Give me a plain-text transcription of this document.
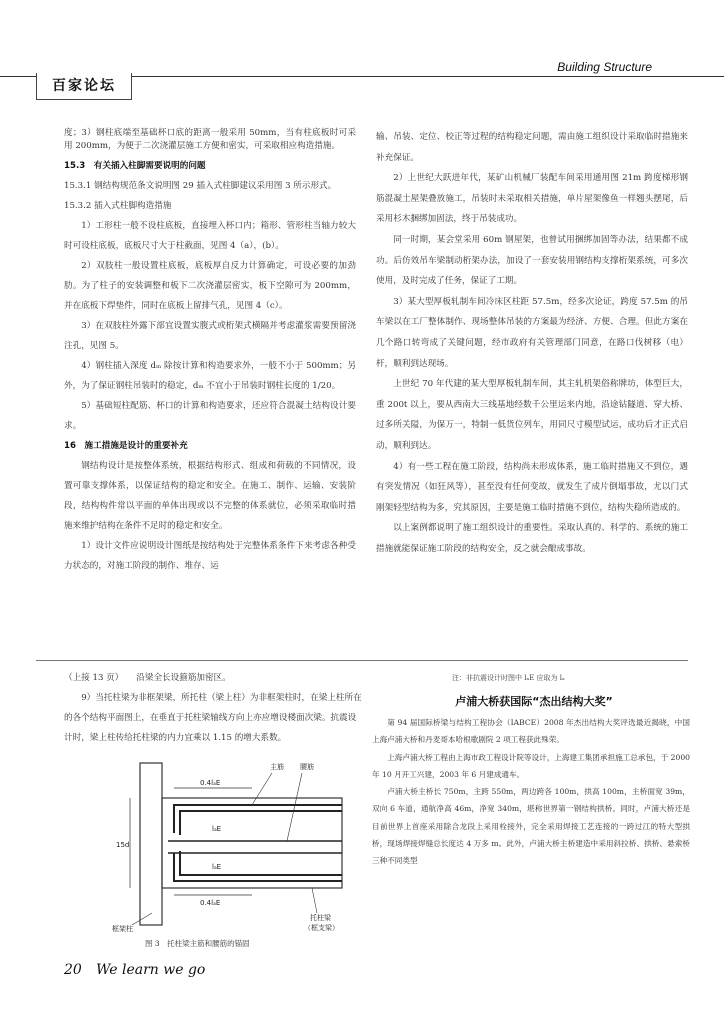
Building Structure
百家论坛

度；3）钢柱底端至基础杯口底的距离一般采用 50mm，当有柱底板时可采用 200mm，为便于二次浇灌层施工方便和密实，可采取相应构造措施。

15.3　有关插入柱脚需要说明的问题

15.3.1 钢结构规范条文说明图 29 插入式柱脚建议采用图 3 所示形式。

15.3.2 插入式柱脚构造措施

1）工形柱一般不设柱底板，直接埋入杯口内；箱形、管形柱当轴力较大时可设柱底板，底板尺寸大于柱截面，见图 4（a），(b）。

2）双肢柱一般设置柱底板，底板厚自反力计算确定，可设必要的加劲肋。为了柱子的安装调整和板下二次浇灌层密实，板下空隙可为 200mm，并在底板下焊垫件，同时在底板上留排气孔，见图 4（c）。

3）在双肢柱外露下部宜设置实腹式或桁架式横隔并考虑灌浆需要预留浇注孔，见图 5。

4）钢柱插入深度 dₘ 除按计算和构造要求外，一般不小于 500mm；另外，为了保证钢柱吊装时的稳定，dₘ 不宜小于吊装时钢柱长度的 1/20。

5）基础短柱配筋、杯口的计算和构造要求，还应符合混凝土结构设计要求。

16　施工措施是设计的重要补充

钢结构设计是按整体系统，根据结构形式、组成和荷载的不同情况，设置可靠支撑体系，以保证结构的稳定和安全。在施工、制作、运输、安装阶段，结构构件常以平面的单体出现或以不完整的体系就位，必须采取临时措施来维护结构在条件不足时的稳定和安全。

1）设计文件应说明设计图纸是按结构处于完整体系条件下来考虑各种受力状态的，对施工阶段的制作、堆存、运

输、吊装、定位、校正等过程的结构稳定问题，需由施工组织设计采取临时措施来补充保证。

2）上世纪大跃进年代，某矿山机械厂装配车间采用通用图 21m 跨度梯形钢筋混凝土屋架叠放施工，吊装时未采取相关措施，单片屋架像鱼一样翘头摆尾，后采用杉木捆绑加固法，终于吊装成功。

同一时期，某会堂采用 60m 钢屋架，也曾试用捆绑加固等办法，结果都不成功。后仿效吊车梁制动桁架办法，加设了一套安装用钢结构支撑桁架系统，可多次使用，及时完成了任务，保证了工期。

3）某大型厚板轧制车间冷床区柱距 57.5m，经多次论证，跨度 57.5m 的吊车梁以在工厂整体制作、现场整体吊装的方案最为经济、方便、合理。但此方案在几个路口转弯成了关键问题，经市政府有关管理部门同意，在路口伐树移（电）杆，顺利到达现场。

上世纪 70 年代建的某大型厚板轧制车间，其主轧机架俗称牌坊，体型巨大，重 200t 以上，要从西南大三线基地经数千公里运来内地，沿途钻隧道、穿大桥、过多所关隘，为保万一，特制一低货位列车，用同尺寸模型试运，成功后才正式启动，顺利到达。

4）有一些工程在施工阶段，结构尚未形成体系，施工临时措施又不到位，遇有突发情况（如狂风等），甚至没有任何变故，就发生了成片倒塌事故，尤以门式刚架轻型结构为多，究其原因，主要是施工临时措施不到位，结构失稳所造成的。

以上案例都说明了施工组织设计的重要性。采取认真的、科学的、系统的施工措施就能保证施工阶段的结构安全，反之就会酿成事故。

（上接 13 页）　　沿梁全长设箍筋加密区。

9）当托柱梁为非框架梁，所托柱（梁上柱）为非框架柱时，在梁上柱所在的各个结构平面图上，在垂直于托柱梁轴线方向上亦应增设楼面次梁。抗震设计时，梁上柱传给托柱梁的内力宜乘以 1.15 的增大系数。

0.4lₐE
lₐE
0.4lₐE
lₐE
15d
主筋 腰筋
框架柱
托柱梁
（框支梁）
图 3　托柱梁主筋和腰筋的锚固
注：非抗震设计时图中 lₐE 应取为 lₐ
卢浦大桥获国际“杰出结构大奖”

第 94 届国际桥梁与结构工程协会（IABCE）2008 年杰出结构大奖评选最近揭晓，中国上海卢浦大桥和丹麦哥本哈根歌剧院 2 项工程获此殊荣。

上海卢浦大桥工程由上海市政工程设计院等设计，上海建工集团承担施工总承包，于 2000 年 10 月开工兴建，2003 年 6 月建成通车。

卢浦大桥主桥长 750m，主跨 550m，两边跨各 100m，拱高 100m，主桥面宽 39m，双向 6 车道，通航净高 46m，净宽 340m，堪称世界第一钢结构拱桥。同时，卢浦大桥还是目前世界上首座采用除合龙段上采用栓接外，完全采用焊接工艺连接的一跨过江的特大型拱桥，现场焊接焊缝总长度达 4 万多 m。此外，卢浦大桥主桥建造中采用斜拉桥、拱桥、悬索桥三种不同类型

20 We learn we go
